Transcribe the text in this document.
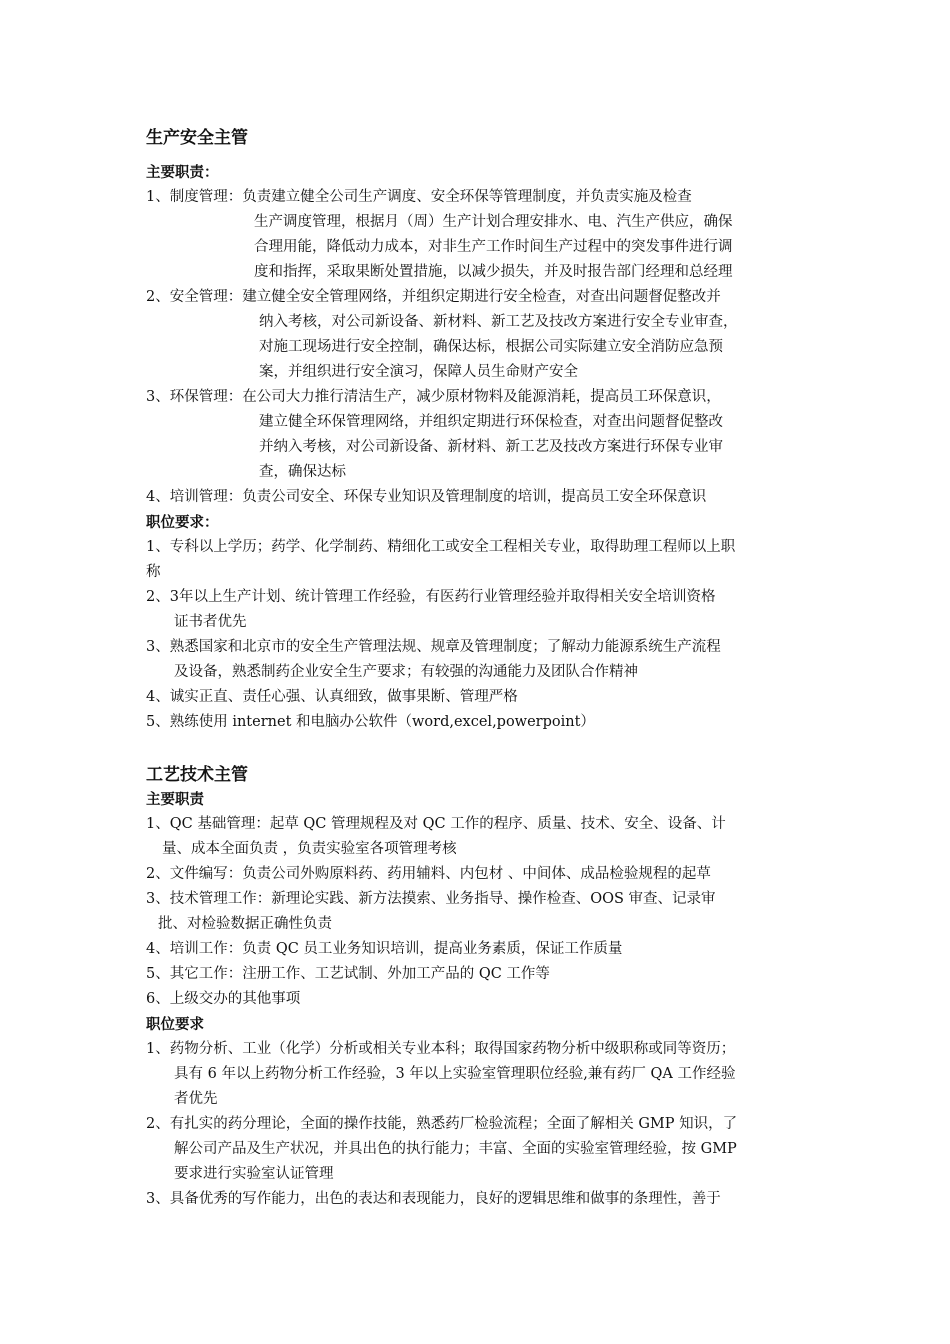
生产安全主管
主要职责：
1、制度管理：负责建立健全公司生产调度、安全环保等管理制度，并负责实施及检查
生产调度管理，根据月（周）生产计划合理安排水、电、汽生产供应，确保
合理用能，降低动力成本，对非生产工作时间生产过程中的突发事件进行调
度和指挥，采取果断处置措施，以减少损失，并及时报告部门经理和总经理
2、安全管理：建立健全安全管理网络，并组织定期进行安全检查，对查出问题督促整改并
纳入考核，对公司新设备、新材料、新工艺及技改方案进行安全专业审查，
对施工现场进行安全控制，确保达标，根据公司实际建立安全消防应急预
案，并组织进行安全演习，保障人员生命财产安全
3、环保管理：在公司大力推行清洁生产，减少原材物料及能源消耗，提高员工环保意识，
建立健全环保管理网络，并组织定期进行环保检查，对查出问题督促整改
并纳入考核，对公司新设备、新材料、新工艺及技改方案进行环保专业审
查，确保达标
4、培训管理：负责公司安全、环保专业知识及管理制度的培训，提高员工安全环保意识
职位要求：
1、专科以上学历；药学、化学制药、精细化工或安全工程相关专业，取得助理工程师以上职
称
2、3年以上生产计划、统计管理工作经验，有医药行业管理经验并取得相关安全培训资格
证书者优先
3、熟悉国家和北京市的安全生产管理法规、规章及管理制度；了解动力能源系统生产流程
及设备，熟悉制药企业安全生产要求；有较强的沟通能力及团队合作精神
4、诚实正直、责任心强、认真细致，做事果断、管理严格
5、熟练使用 internet 和电脑办公软件（word,excel,powerpoint）
工艺技术主管
主要职责
1、QC 基础管理：起草 QC 管理规程及对 QC 工作的程序、质量、技术、安全、设备、计
量、成本全面负责 ，负责实验室各项管理考核
2、文件编写：负责公司外购原料药、药用辅料、内包材 、中间体、成品检验规程的起草
3、技术管理工作：新理论实践、新方法摸索、业务指导、操作检查、OOS 审查、记录审
批、对检验数据正确性负责
4、培训工作：负责 QC 员工业务知识培训，提高业务素质，保证工作质量
5、其它工作：注册工作、工艺试制、外加工产品的 QC 工作等
6、上级交办的其他事项
职位要求
1、药物分析、工业（化学）分析或相关专业本科；取得国家药物分析中级职称或同等资历；
具有 6 年以上药物分析工作经验，3 年以上实验室管理职位经验,兼有药厂 QA 工作经验
者优先
2、有扎实的药分理论，全面的操作技能，熟悉药厂检验流程；全面了解相关 GMP 知识，了
解公司产品及生产状况，并具出色的执行能力；丰富、全面的实验室管理经验，按 GMP
要求进行实验室认证管理
3、具备优秀的写作能力，出色的表达和表现能力，良好的逻辑思维和做事的条理性，善于
